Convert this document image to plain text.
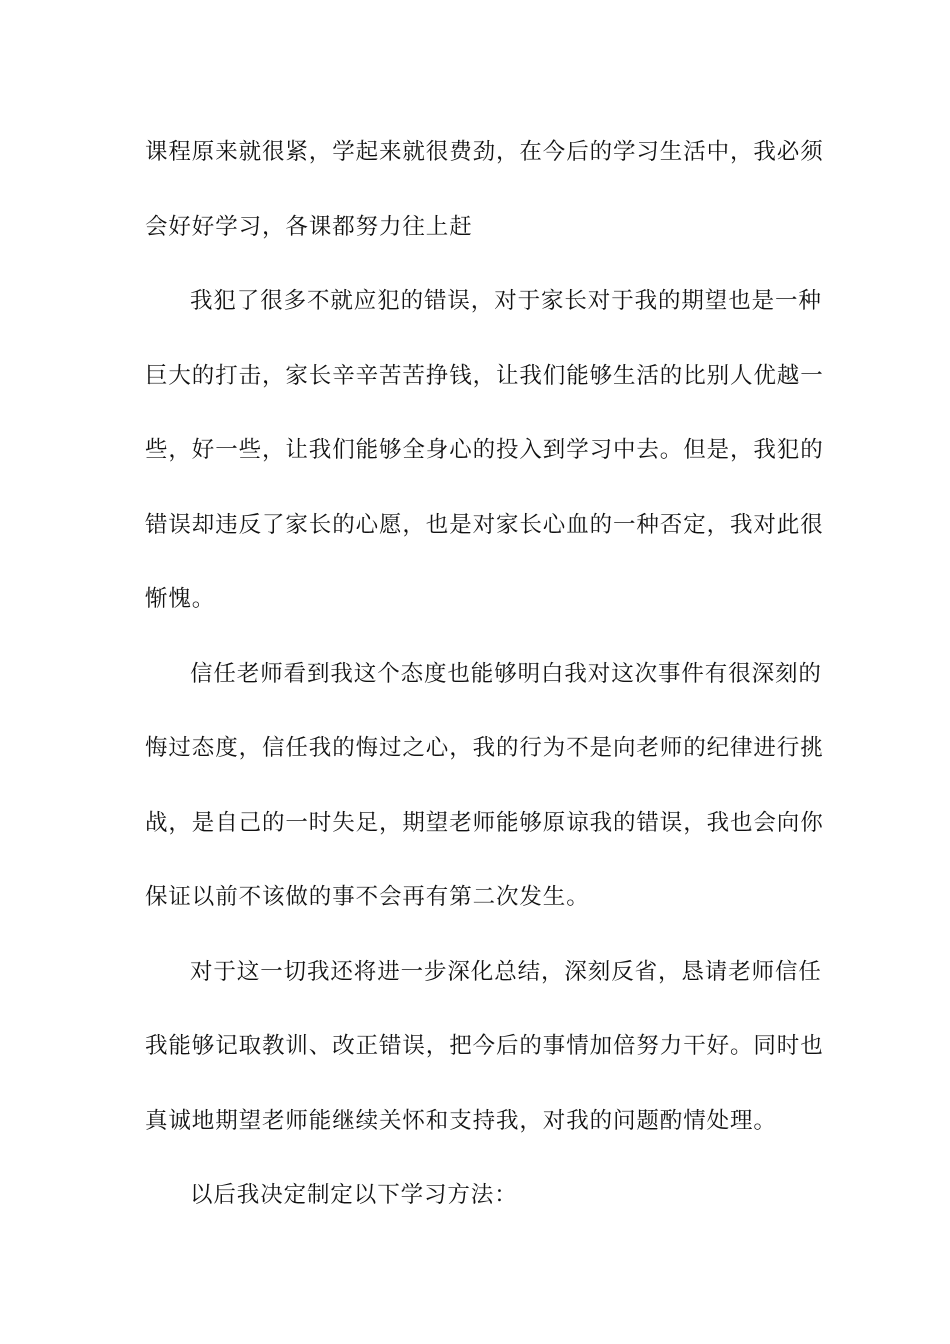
课程原来就很紧，学起来就很费劲，在今后的学习生活中，我必须
会好好学习，各课都努力往上赶
我犯了很多不就应犯的错误，对于家长对于我的期望也是一种
巨大的打击，家长辛辛苦苦挣钱，让我们能够生活的比别人优越一
些，好一些，让我们能够全身心的投入到学习中去。但是，我犯的
错误却违反了家长的心愿，也是对家长心血的一种否定，我对此很
惭愧。
信任老师看到我这个态度也能够明白我对这次事件有很深刻的
悔过态度，信任我的悔过之心，我的行为不是向老师的纪律进行挑
战，是自己的一时失足，期望老师能够原谅我的错误，我也会向你
保证以前不该做的事不会再有第二次发生。
对于这一切我还将进一步深化总结，深刻反省，恳请老师信任
我能够记取教训、改正错误，把今后的事情加倍努力干好。同时也
真诚地期望老师能继续关怀和支持我，对我的问题酌情处理。
以后我决定制定以下学习方法：
